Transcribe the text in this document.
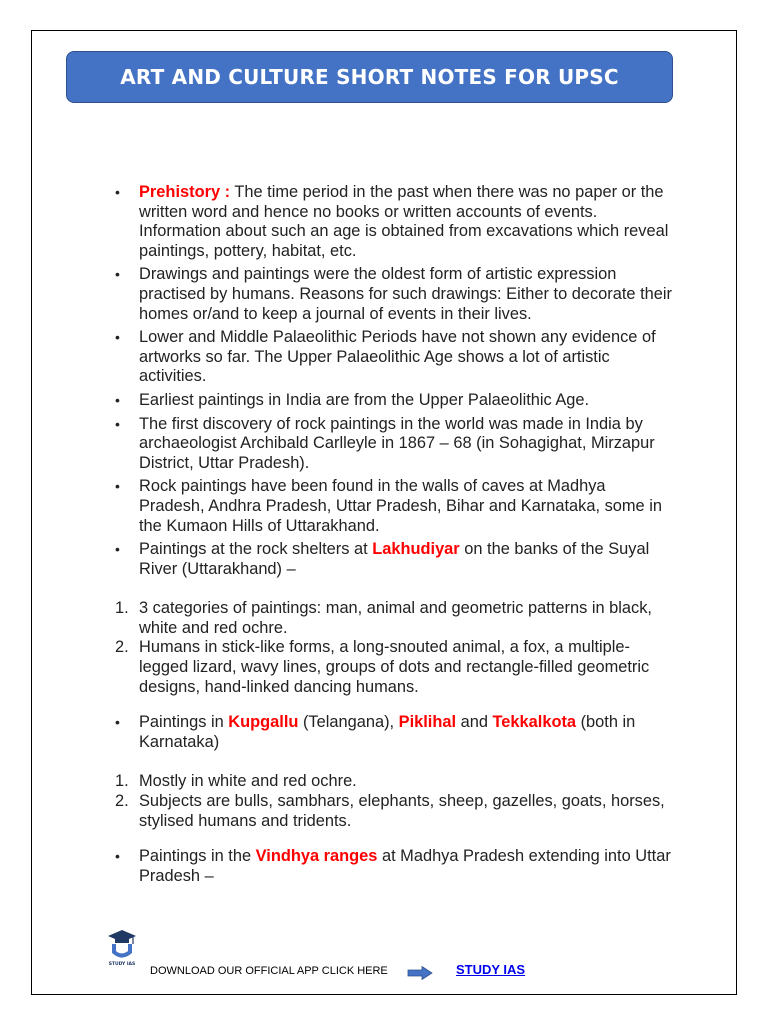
ART AND CULTURE SHORT NOTES FOR UPSC
• Prehistory : The time period in the past when there was no paper or the written word and hence no books or written accounts of events. Information about such an age is obtained from excavations which reveal paintings, pottery, habitat, etc.
• Drawings and paintings were the oldest form of artistic expression practised by humans. Reasons for such drawings: Either to decorate their homes or/and to keep a journal of events in their lives.
• Lower and Middle Palaeolithic Periods have not shown any evidence of artworks so far. The Upper Palaeolithic Age shows a lot of artistic activities.
• Earliest paintings in India are from the Upper Palaeolithic Age.
• The first discovery of rock paintings in the world was made in India by archaeologist Archibald Carlleyle in 1867 – 68 (in Sohagighat, Mirzapur District, Uttar Pradesh).
• Rock paintings have been found in the walls of caves at Madhya Pradesh, Andhra Pradesh, Uttar Pradesh, Bihar and Karnataka, some in the Kumaon Hills of Uttarakhand.
• Paintings at the rock shelters at Lakhudiyar on the banks of the Suyal River (Uttarakhand) –
1. 3 categories of paintings: man, animal and geometric patterns in black, white and red ochre.
2. Humans in stick-like forms, a long-snouted animal, a fox, a multiple-legged lizard, wavy lines, groups of dots and rectangle-filled geometric designs, hand-linked dancing humans.
• Paintings in Kupgallu (Telangana), Piklihal and Tekkalkota (both in Karnataka)
1. Mostly in white and red ochre.
2. Subjects are bulls, sambhars, elephants, sheep, gazelles, goats, horses, stylised humans and tridents.
• Paintings in the Vindhya ranges at Madhya Pradesh extending into Uttar Pradesh –
STUDY IAS
DOWNLOAD OUR OFFICIAL APP CLICK HERE	STUDY IAS
